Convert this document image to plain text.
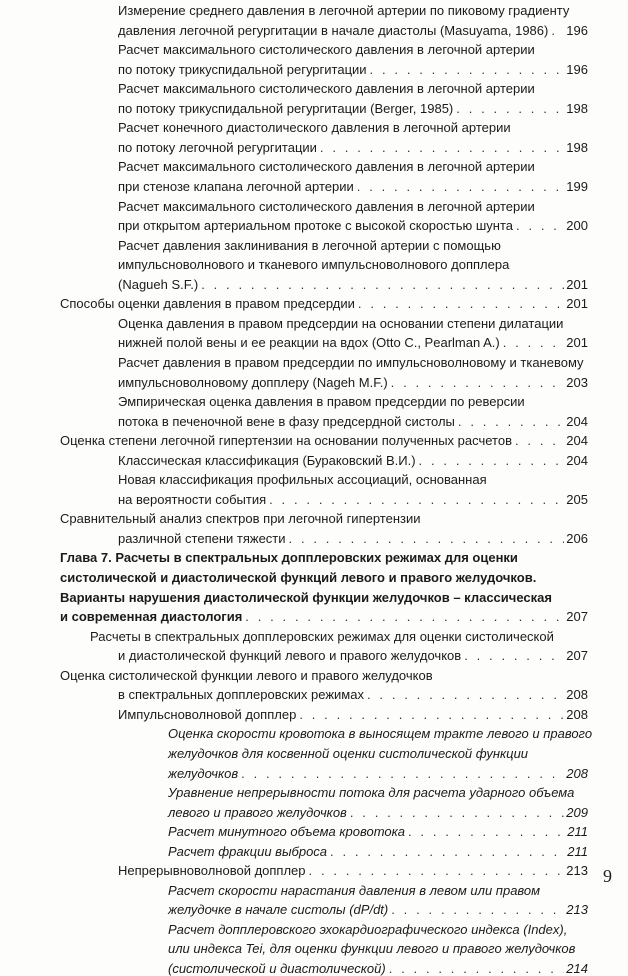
Измерение среднего давления в легочной артерии по пиковому градиенту
давления легочной регургитации в начале диастолы (Masuyama, 1986) . . . 196
Расчет максимального систолического давления в легочной артерии
по потоку трикуспидальной регургитации . . .	196
Расчет максимального систолического давления в легочной артерии
по потоку трикуспидальной регургитации (Berger, 1985) . . .	198
Расчет конечного диастолического давления в легочной артерии
по потоку легочной регургитации . . .	198
Расчет максимального систолического давления в легочной артерии
при стенозе клапана легочной артерии . . .	199
Расчет максимального систолического давления в легочной артерии
при открытом артериальном протоке с высокой скоростью шунта . . .	200
Расчет давления заклинивания в легочной артерии с помощью
импульсноволнового и тканевого импульсноволнового допплера
(Nagueh S.F.) . . .	201
Способы оценки давления в правом предсердии . . .	201
Оценка давления в правом предсердии на основании степени дилатации
нижней полой вены и ее реакции на вдох (Otto C., Pearlman A.) . . .	201
Расчет давления в правом предсердии по импульсноволновому и тканевому
импульсноволновому допплеру (Nageh M.F.) . . .	203
Эмпирическая оценка давления в правом предсердии по реверсии
потока в печеночной вене в фазу предсердной систолы . . .	204
Оценка степени легочной гипертензии на основании полученных расчетов . . .	204
Классическая классификация (Бураковский В.И.) . . .	204
Новая классификация профильных ассоциаций, основанная
на вероятности события . . .	205
Сравнительный анализ спектров при легочной гипертензии
различной степени тяжести . . .	206
Глава 7. Расчеты в спектральных допплеровских режимах для оценки
систолической и диастолической функций левого и правого желудочков.
Варианты нарушения диастолической функции желудочков – классическая
и современная диастология . . .	207
Расчеты в спектральных допплеровских режимах для оценки систолической
и диастолической функций левого и правого желудочков . . .	207
Оценка систолической функции левого и правого желудочков
в спектральных допплеровских режимах . . .	208
Импульсноволновой допплер . . .	208
Оценка скорости кровотока в выносящем тракте левого и правого
желудочков для косвенной оценки систолической функции
желудочков . . .	208
Уравнение непрерывности потока для расчета ударного объема
левого и правого желудочков . . .	209
Расчет минутного объема кровотока . . .	211
Расчет фракции выброса . . .	211
Непрерывноволновой допплер . . .	213
Расчет скорости нарастания давления в левом или правом
желудочке в начале систолы (dP/dt) . . .	213
Расчет допплеровского эхокардиографического индекса (Index),
или индекса Tei, для оценки функции левого и правого желудочков
(систолической и диастолической) . . .	214
9
